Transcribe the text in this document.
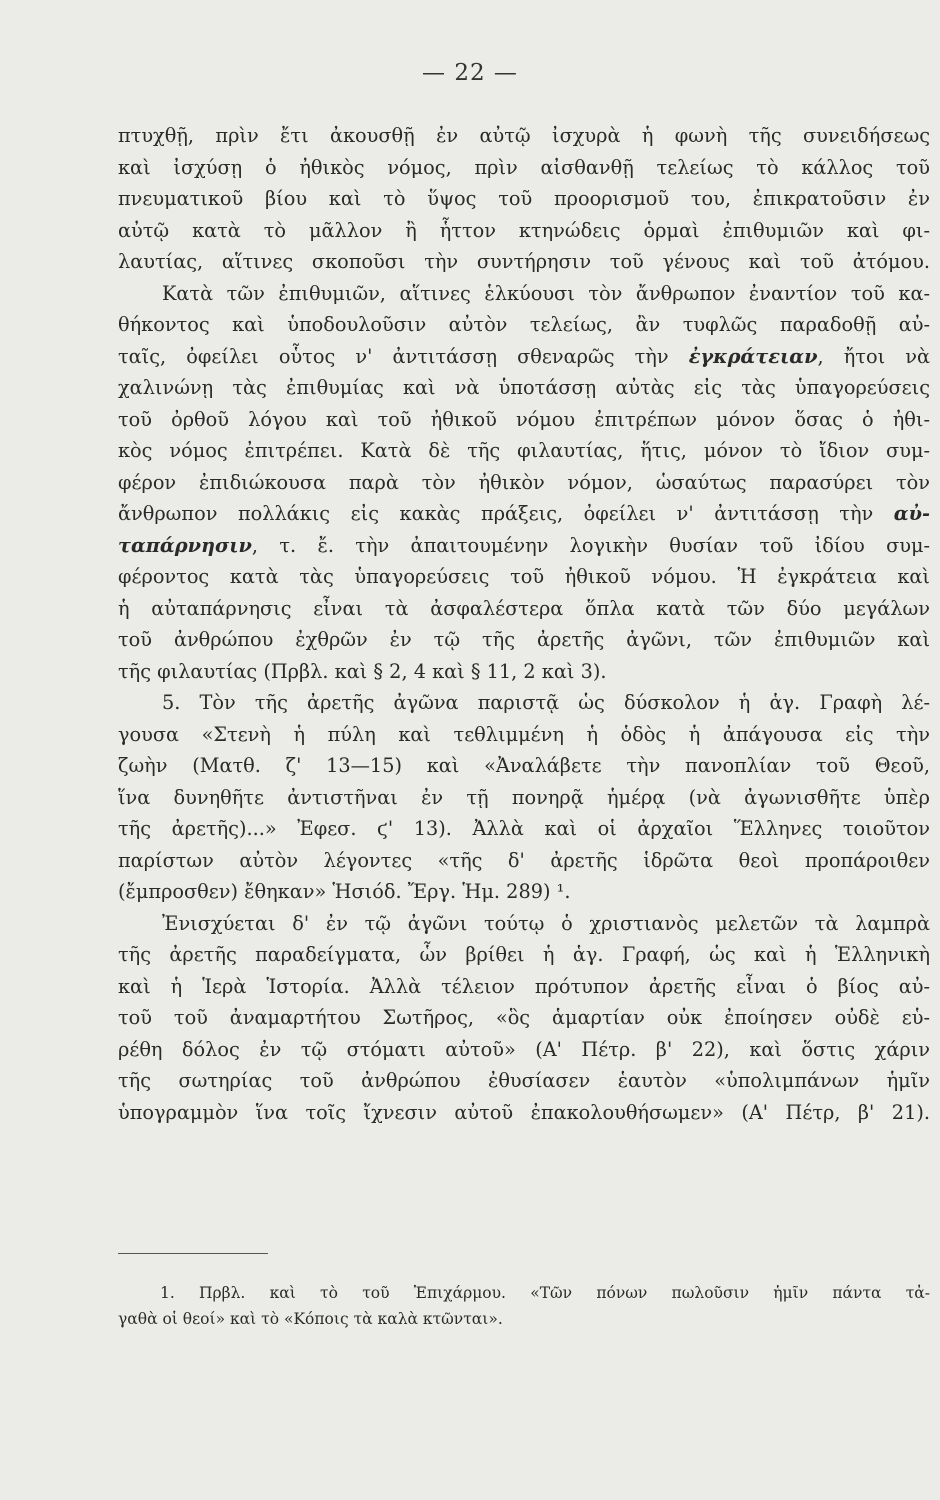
— 22 —
πτυχθῇ, πρὶν ἔτι ἀκουσθῇ ἐν αὐτῷ ἰσχυρὰ ἡ φωνὴ τῆς συνειδήσεως
καὶ ἰσχύσῃ ὁ ἠθικὸς νόμος, πρὶν αἰσθανθῇ τελείως τὸ κάλλος τοῦ
πνευματικοῦ βίου καὶ τὸ ὕψος τοῦ προορισμοῦ του, ἐπικρατοῦσιν ἐν
αὐτῷ κατὰ τὸ μᾶλλον ἢ ἧττον κτηνώδεις ὁρμαὶ ἐπιθυμιῶν καὶ φι-
λαυτίας, αἵτινες σκοποῦσι τὴν συντήρησιν τοῦ γένους καὶ τοῦ ἀτόμου.
Κατὰ τῶν ἐπιθυμιῶν, αἵτινες ἑλκύουσι τὸν ἄνθρωπον ἐναντίον τοῦ κα-
θήκοντος καὶ ὑποδουλοῦσιν αὐτὸν τελείως, ἂν τυφλῶς παραδοθῇ αὐ-
ταῖς, ὀφείλει οὗτος ν' ἀντιτάσσῃ σθεναρῶς τὴν ἐγκράτειαν, ἤτοι νὰ
χαλινώνῃ τὰς ἐπιθυμίας καὶ νὰ ὑποτάσσῃ αὐτὰς εἰς τὰς ὑπαγορεύσεις
τοῦ ὀρθοῦ λόγου καὶ τοῦ ἠθικοῦ νόμου ἐπιτρέπων μόνον ὅσας ὁ ἠθι-
κὸς νόμος ἐπιτρέπει. Κατὰ δὲ τῆς φιλαυτίας, ἥτις, μόνον τὸ ἴδιον συμ-
φέρον ἐπιδιώκουσα παρὰ τὸν ἠθικὸν νόμον, ὡσαύτως παρασύρει τὸν
ἄνθρωπον πολλάκις εἰς κακὰς πράξεις, ὀφείλει ν' ἀντιτάσσῃ τὴν αὐ-
ταπάρνησιν, τ. ἔ. τὴν ἀπαιτουμένην λογικὴν θυσίαν τοῦ ἰδίου συμ-
φέροντος κατὰ τὰς ὑπαγορεύσεις τοῦ ἠθικοῦ νόμου. Ἡ ἐγκράτεια καὶ
ἡ αὐταπάρνησις εἶναι τὰ ἀσφαλέστερα ὅπλα κατὰ τῶν δύο μεγάλων
τοῦ ἀνθρώπου ἐχθρῶν ἐν τῷ τῆς ἀρετῆς ἀγῶνι, τῶν ἐπιθυμιῶν καὶ
τῆς φιλαυτίας (Πρβλ. καὶ § 2, 4 καὶ § 11, 2 καὶ 3).
5. Τὸν τῆς ἀρετῆς ἀγῶνα παριστᾷ ὡς δύσκολον ἡ ἁγ. Γραφὴ λέ-
γουσα «Στενὴ ἡ πύλη καὶ τεθλιμμένη ἡ ὁδὸς ἡ ἀπάγουσα εἰς τὴν
ζωὴν (Ματθ. ζ' 13—15) καὶ «Ἀναλάβετε τὴν πανοπλίαν τοῦ Θεοῦ,
ἵνα δυνηθῆτε ἀντιστῆναι ἐν τῇ πονηρᾷ ἡμέρᾳ (νὰ ἀγωνισθῆτε ὑπὲρ
τῆς ἀρετῆς)...» Ἐφεσ. ϛ' 13). Ἀλλὰ καὶ οἱ ἀρχαῖοι Ἕλληνες τοιοῦτον
παρίστων αὐτὸν λέγοντες «τῆς δ' ἀρετῆς ἱδρῶτα θεοὶ προπάροιθεν
(ἔμπροσθεν) ἔθηκαν» Ἡσιόδ. Ἔργ. Ἡμ. 289) ¹.
Ἐνισχύεται δ' ἐν τῷ ἀγῶνι τούτῳ ὁ χριστιανὸς μελετῶν τὰ λαμπρὰ
τῆς ἀρετῆς παραδείγματα, ὧν βρίθει ἡ ἁγ. Γραφή, ὡς καὶ ἡ Ἑλληνικὴ
καὶ ἡ Ἱερὰ Ἱστορία. Ἀλλὰ τέλειον πρότυπον ἀρετῆς εἶναι ὁ βίος αὐ-
τοῦ τοῦ ἀναμαρτήτου Σωτῆρος, «ὃς ἁμαρτίαν οὐκ ἐποίησεν οὐδὲ εὑ-
ρέθη δόλος ἐν τῷ στόματι αὐτοῦ» (Α' Πέτρ. β' 22), καὶ ὅστις χάριν
τῆς σωτηρίας τοῦ ἀνθρώπου ἐθυσίασεν ἑαυτὸν «ὑπολιμπάνων ἡμῖν
ὑπογραμμὸν ἵνα τοῖς ἴχνεσιν αὐτοῦ ἐπακολουθήσωμεν» (Α' Πέτρ, β' 21).
1. Πρβλ. καὶ τὸ τοῦ Ἐπιχάρμου. «Τῶν πόνων πωλοῦσιν ἡμῖν πάντα τἀ-
γαθὰ οἱ θεοί» καὶ τὸ «Κόποις τὰ καλὰ κτῶνται».
